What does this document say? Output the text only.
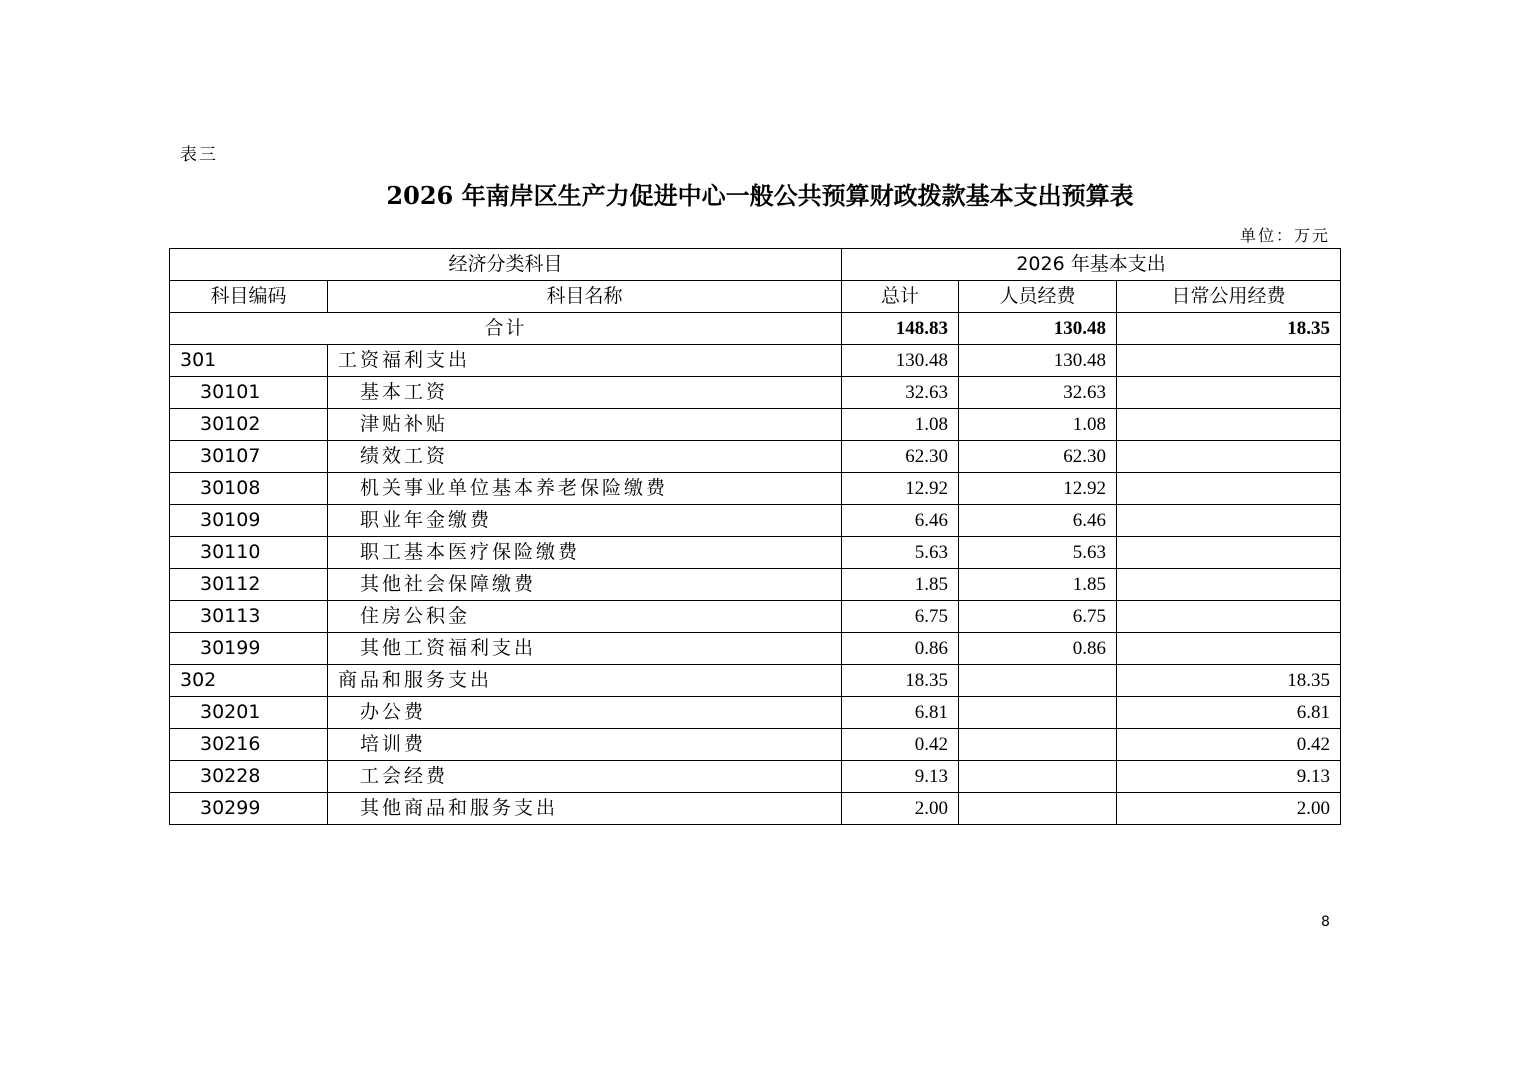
表三
2026 年南岸区生产力促进中心一般公共预算财政拨款基本支出预算表
单位：万元
经济分类科目		2026 年基本支出		
科目编码	科目名称	总计	人员经费	日常公用经费
合计		148.83	130.48	18.35
301	工资福利支出	130.48	130.48	
30101	基本工资	32.63	32.63	
30102	津贴补贴	1.08	1.08	
30107	绩效工资	62.30	62.30	
30108	机关事业单位基本养老保险缴费	12.92	12.92	
30109	职业年金缴费	6.46	6.46	
30110	职工基本医疗保险缴费	5.63	5.63	
30112	其他社会保障缴费	1.85	1.85	
30113	住房公积金	6.75	6.75	
30199	其他工资福利支出	0.86	0.86	
302	商品和服务支出	18.35		18.35
30201	办公费	6.81		6.81
30216	培训费	0.42		0.42
30228	工会经费	9.13		9.13
30299	其他商品和服务支出	2.00		2.00
8
